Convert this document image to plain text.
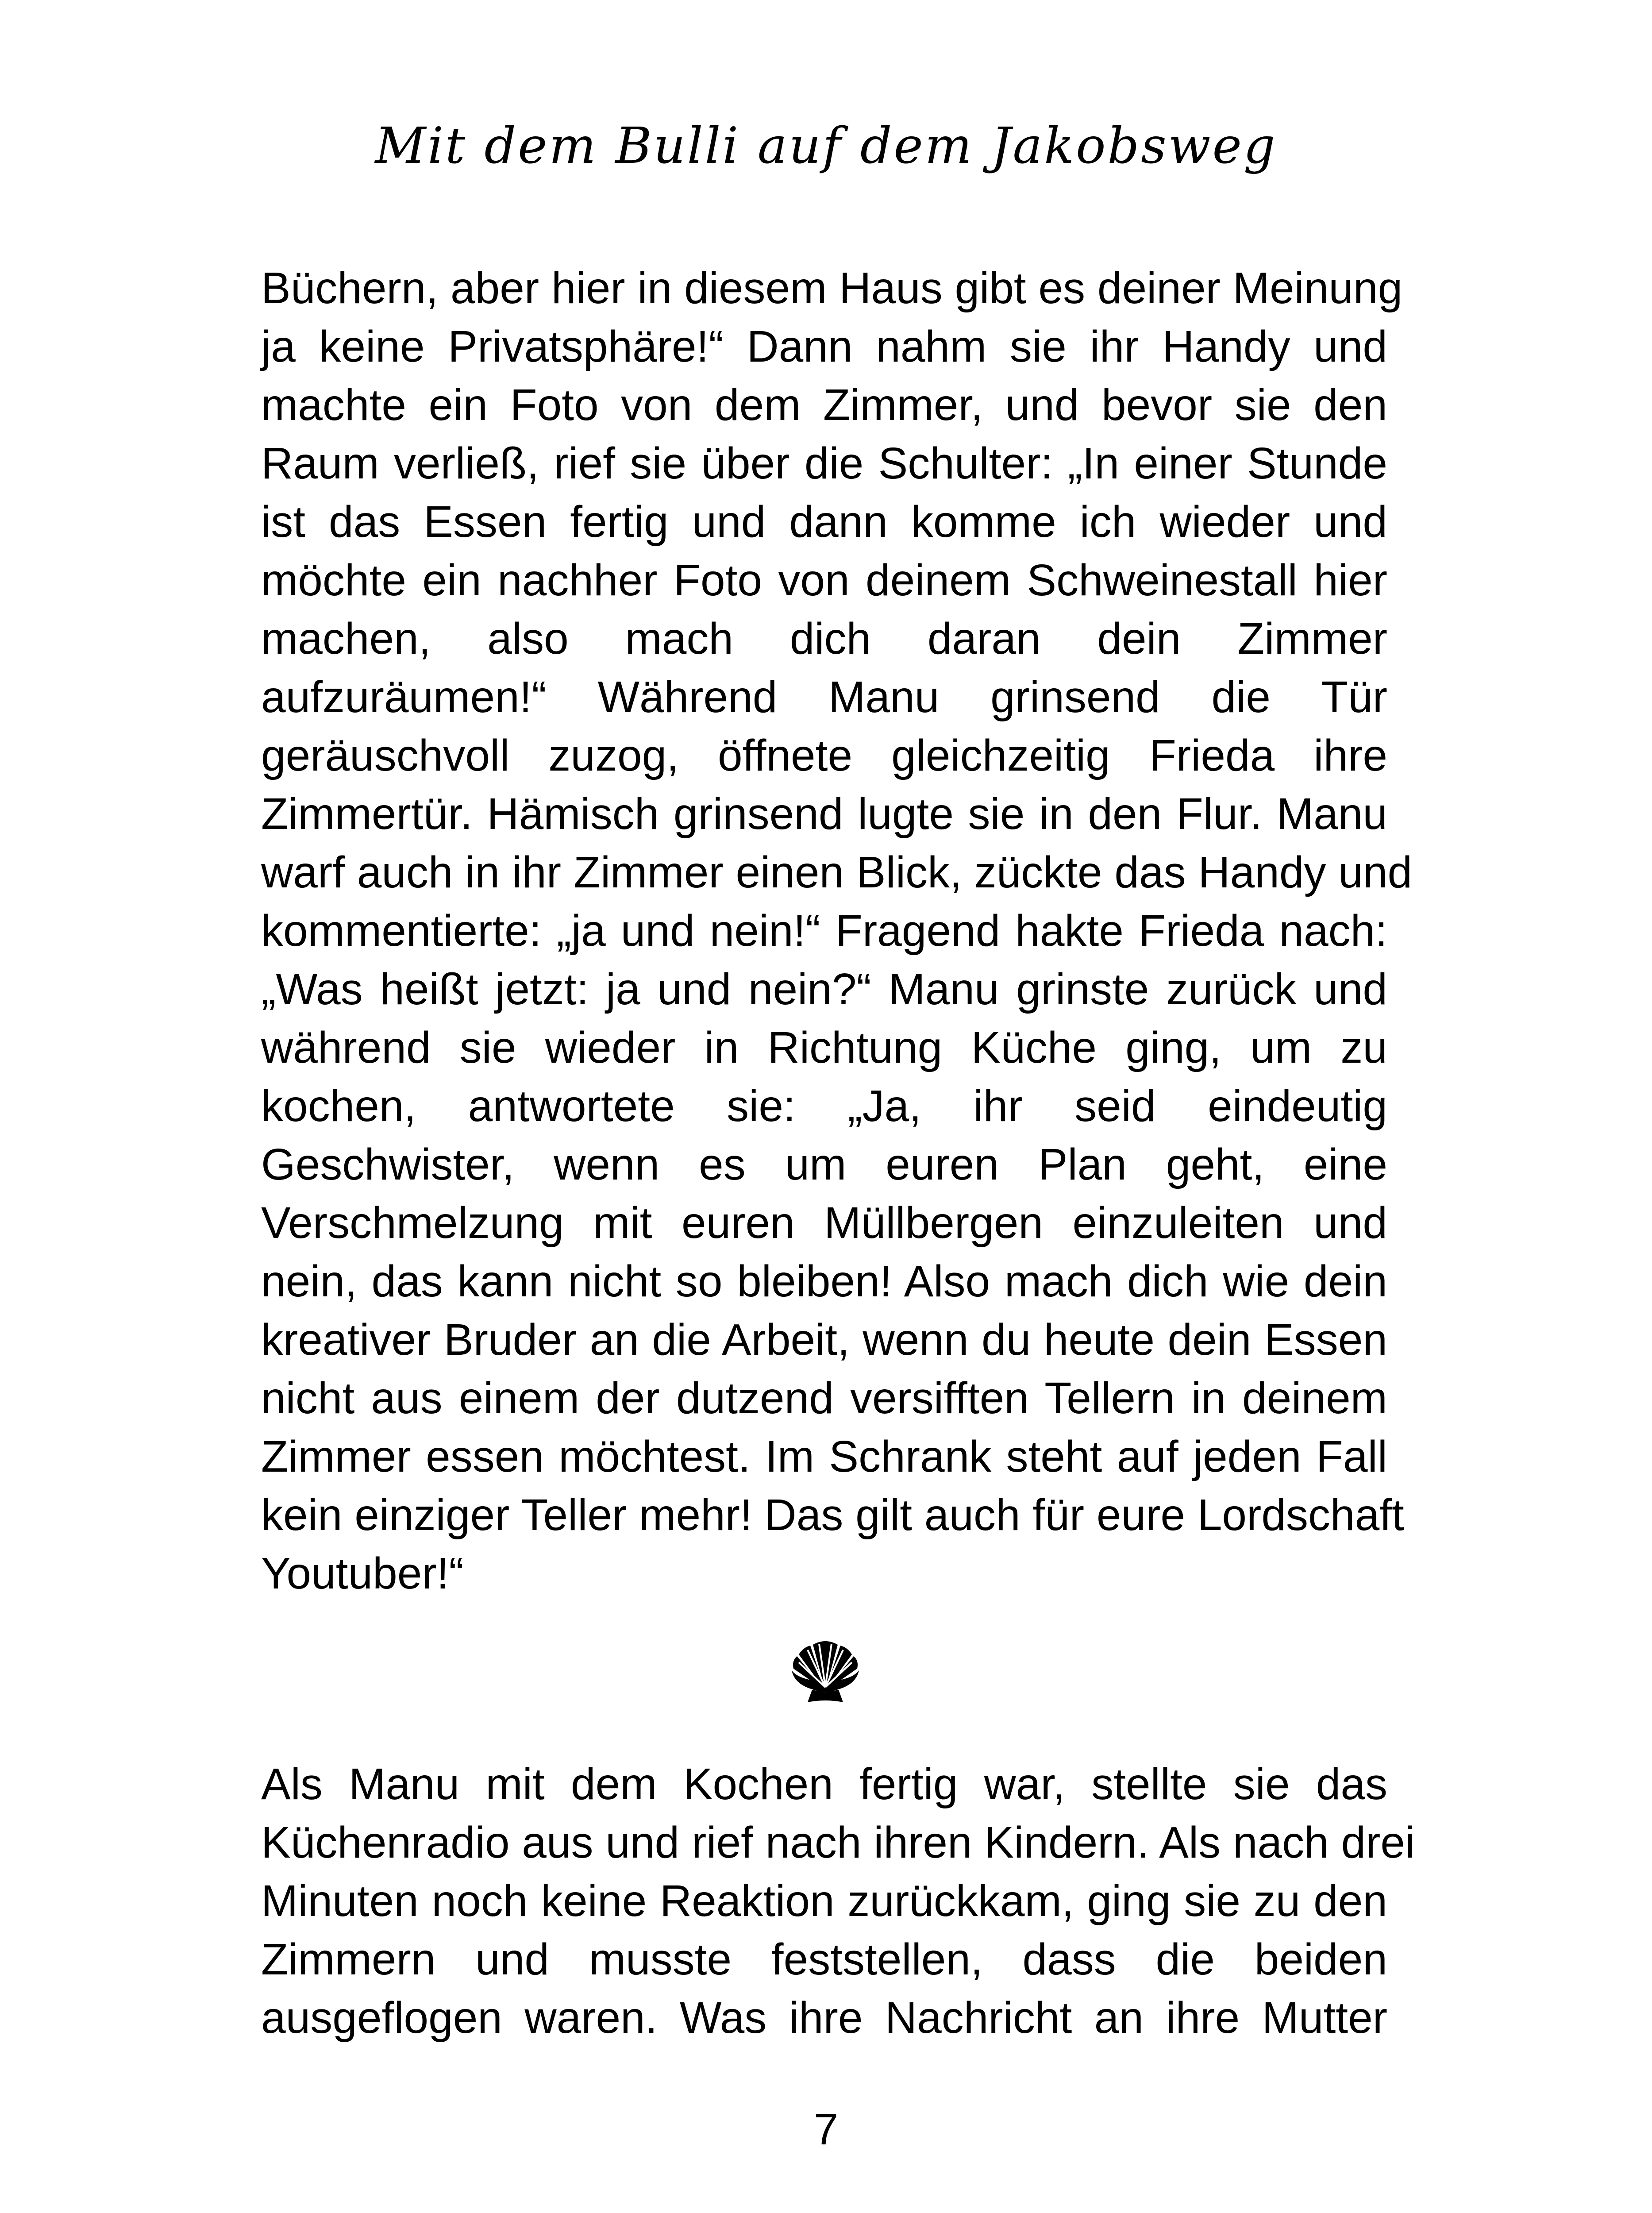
Mit dem Bulli auf dem Jakobsweg
Büchern, aber hier in diesem Haus gibt es deiner Meinung
ja keine Privatsphäre!“ Dann nahm sie ihr Handy und
machte ein Foto von dem Zimmer, und bevor sie den
Raum verließ, rief sie über die Schulter: „In einer Stunde
ist das Essen fertig und dann komme ich wieder und
möchte ein nachher Foto von deinem Schweinestall hier
machen, also mach dich daran dein Zimmer
aufzuräumen!“ Während Manu grinsend die Tür
geräuschvoll zuzog, öffnete gleichzeitig Frieda ihre
Zimmertür. Hämisch grinsend lugte sie in den Flur. Manu
warf auch in ihr Zimmer einen Blick, zückte das Handy und
kommentierte: „ja und nein!“ Fragend hakte Frieda nach:
„Was heißt jetzt: ja und nein?“ Manu grinste zurück und
während sie wieder in Richtung Küche ging, um zu
kochen, antwortete sie: „Ja, ihr seid eindeutig
Geschwister, wenn es um euren Plan geht, eine
Verschmelzung mit euren Müllbergen einzuleiten und
nein, das kann nicht so bleiben! Also mach dich wie dein
kreativer Bruder an die Arbeit, wenn du heute dein Essen
nicht aus einem der dutzend versifften Tellern in deinem
Zimmer essen möchtest. Im Schrank steht auf jeden Fall
kein einziger Teller mehr! Das gilt auch für eure Lordschaft
Youtuber!“
Als Manu mit dem Kochen fertig war, stellte sie das
Küchenradio aus und rief nach ihren Kindern. Als nach drei
Minuten noch keine Reaktion zurückkam, ging sie zu den
Zimmern und musste feststellen, dass die beiden
ausgeflogen waren. Was ihre Nachricht an ihre Mutter
7
